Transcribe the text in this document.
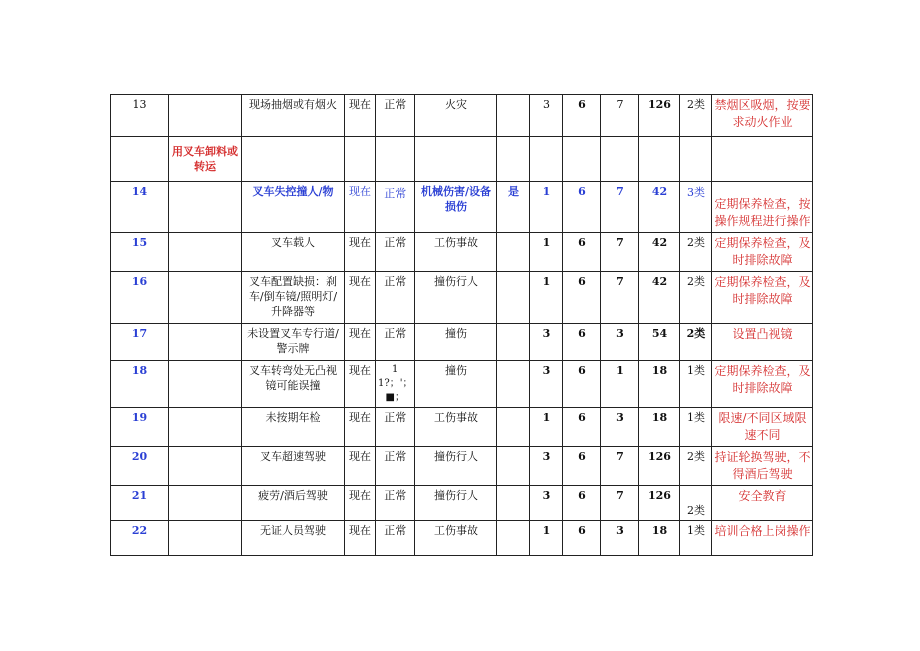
13		现场抽烟或有烟火	现在	正常	火灾		3	6	7	126	2类	禁烟区吸烟，按要求动火作业
	用叉车卸料或转运											
14		叉车失控撞人/物	现在	正常	机械伤害/设备损伤	是	1	6	7	42	3类	定期保养检查，按操作规程进行操作
15		叉车载人	现在	正常	工伤事故		1	6	7	42	2类	定期保养检查，及时排除故障
16		叉车配置缺损：刹车/倒车镜/照明灯/升降器等	现在	正常	撞伤行人		1	6	7	42	2类	定期保养检查，及时排除故障
17		未设置叉车专行道/警示牌	现在	正常	撞伤		3	6	3	54	2类	设置凸视镜
18		叉车转弯处无凸视镜可能误撞	现在	11?；'；■；	撞伤		3	6	1	18	1类	定期保养检查，及时排除故障
19		未按期年检	现在	正常	工伤事故		1	6	3	18	1类	限速/不同区域限速不同
20		叉车超速驾驶	现在	正常	撞伤行人		3	6	7	126	2类	持证轮换驾驶，不得酒后驾驶
21		疲劳/酒后驾驶	现在	正常	撞伤行人		3	6	7	126	2类	安全教育
22		无证人员驾驶	现在	正常	工伤事故		1	6	3	18	1类	培训合格上岗操作
